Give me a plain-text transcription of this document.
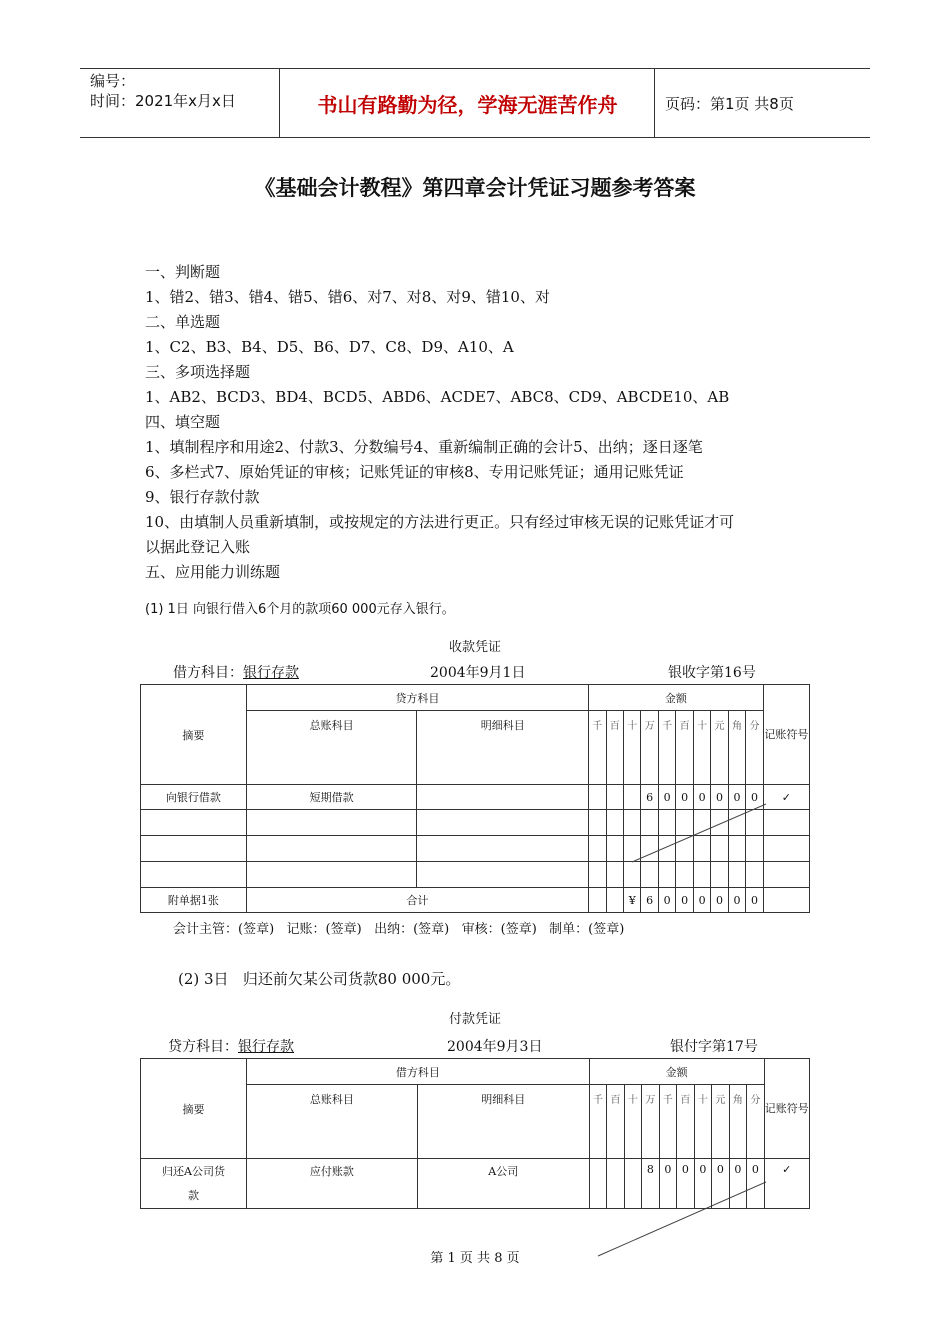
编号：
时间：2021年x月x日	书山有路勤为径，学海无涯苦作舟	页码：第1页 共8页
《基础会计教程》第四章会计凭证习题参考答案
一、判断题
1、错2、错3、错4、错5、错6、对7、对8、对9、错10、对
二、单选题
1、C2、B3、B4、D5、B6、D7、C8、D9、A10、A
三、多项选择题
1、AB2、BCD3、BD4、BCD5、ABD6、ACDE7、ABC8、CD9、ABCDE10、AB
四、填空题
1、填制程序和用途2、付款3、分数编号4、重新编制正确的会计5、出纳；逐日逐笔
6、多栏式7、原始凭证的审核；记账凭证的审核8、专用记账凭证；通用记账凭证
9、银行存款付款
10、由填制人员重新填制，或按规定的方法进行更正。只有经过审核无误的记账凭证才可
以据此登记入账
五、应用能力训练题
(1) 1日 向银行借入6个月的款项60 000元存入银行。
收款凭证
借方科目：银行存款	2004年9月1日	银收字第16号
摘要	贷方科目		金额										记账符号
	总账科目	明细科目	千	百	十	万	千	百	十	元	角	分	
向银行借款	短期借款					6	0	0	0	0	0	0	✓

附单据1张	合计				¥	6	0	0	0	0	0	0	
会计主管：(签章)   记账：(签章)   出纳：(签章)   审核：(签章)   制单：(签章)
(2) 3日   归还前欠某公司货款80 000元。
付款凭证
贷方科目：银行存款	2004年9月3日	银付字第17号
摘要	借方科目		金额										记账符号
	总账科目	明细科目	千	百	十	万	千	百	十	元	角	分	
归还A公司货款	应付账款	A公司				8	0	0	0	0	0	0	✓
第 1 页 共 8 页
